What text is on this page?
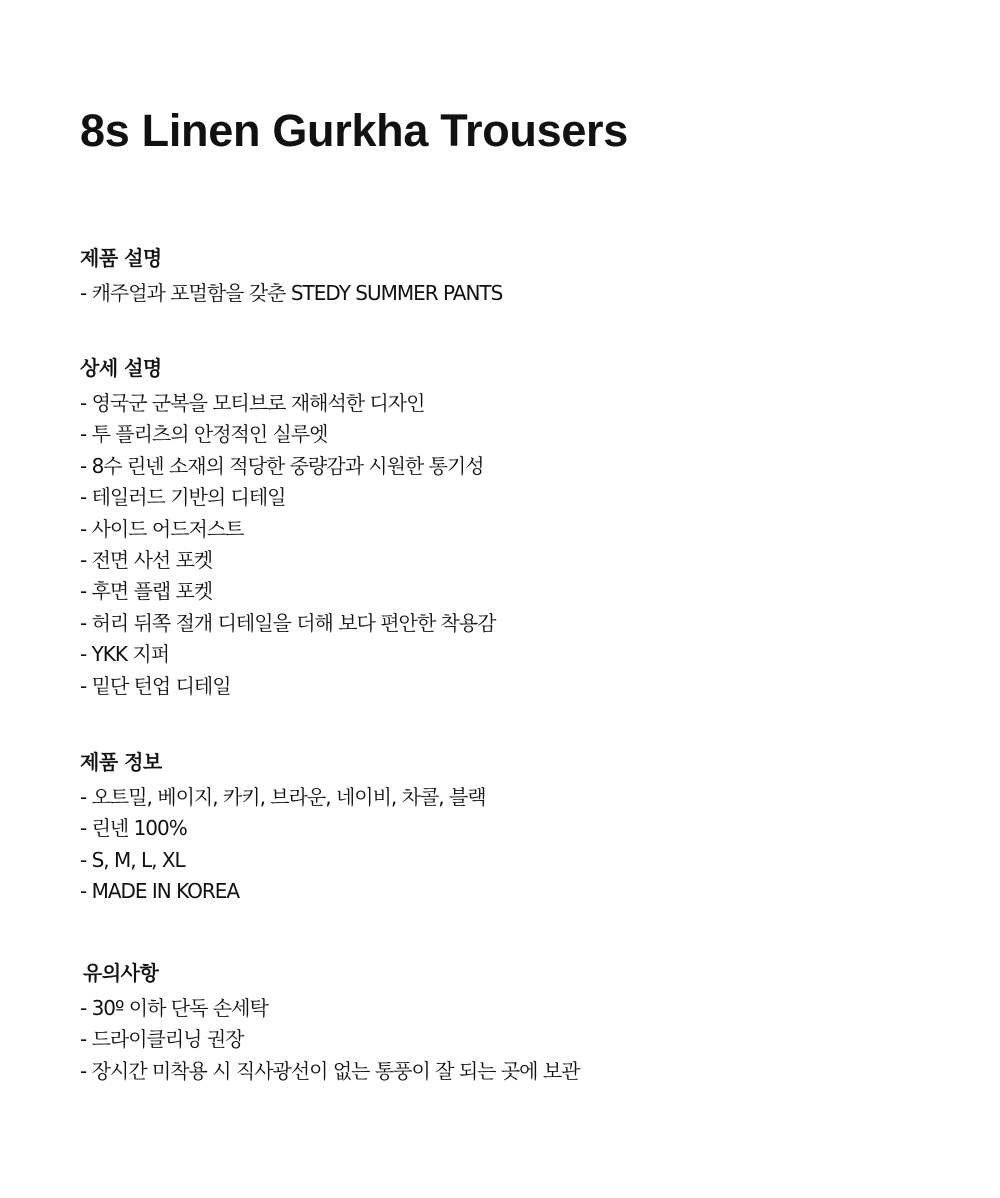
8s Linen Gurkha Trousers
제품 설명
- 캐주얼과 포멀함을 갖춘 STEDY SUMMER PANTS
상세 설명
- 영국군 군복을 모티브로 재해석한 디자인
- 투 플리츠의 안정적인 실루엣
- 8수 린넨 소재의 적당한 중량감과 시원한 통기성
- 테일러드 기반의 디테일
- 사이드 어드저스트
- 전면 사선 포켓
- 후면 플랩 포켓
- 허리 뒤쪽 절개 디테일을 더해 보다 편안한 착용감
- YKK 지퍼
- 밑단 턴업 디테일
제품 정보
- 오트밀, 베이지, 카키, 브라운, 네이비, 차콜, 블랙
- 린넨 100%
- S, M, L, XL
- MADE IN KOREA
유의사항
- 30º 이하 단독 손세탁
- 드라이클리닝 권장
- 장시간 미착용 시 직사광선이 없는 통풍이 잘 되는 곳에 보관
